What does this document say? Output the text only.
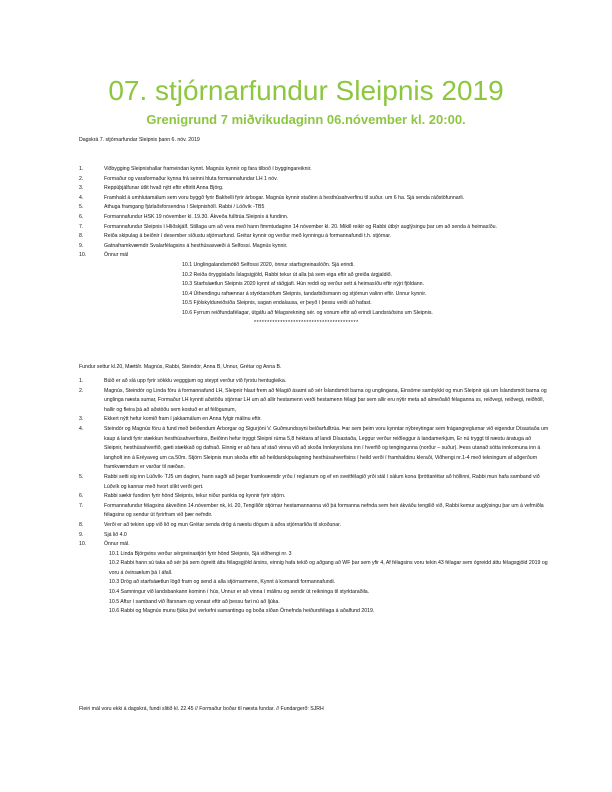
07. stjórnarfundur Sleipnis 2019
Grenigrund 7 miðvikudaginn 06.nóvember kl. 20:00.
Dagskrá 7. stjórnarfundar Sleipnis þann 6. nóv. 2019
1.	Viðbygging Sleipnishallar framvindan kynnt. Magnús kynnir og fara tilboð í byggingareiknir.
2.	Formaður og varaformaður kynna frá seinni hluta formannafundar LH 1 nóv.
3.	Reppúþjálfunar útlit hvað nýtt eftir eftirlit Anna Björg.
4.	Framhald á umhlutamálum sem voru byggð fyrir Bakhelli fyrir árbogar. Magnús kynnir staðinn á hesthúsahverfinu til suður. um 6 ha. Sjá senda ráðstöfunnarli.
5.	Athuga framgang fjárlaðsforsendna í Sleipnishöll. Rabbi / Löðvík -TB5
6.	Formannafundur HSK 19 nóvember kl. 19.30. Ákveða fulltrúa Sleipnis á fundinn.
7.	Formannafundur Sleipnis í Hliðskjálf. Stillaga um að vera með hann fimmtudaginn 14 nóvember kl. 20. Mikill reikir og Rabbi útbýr auglýsingu þar um að senda á heimasíðu.
8.	Reiða skipulag á beiðnir í desember síðustu stjórnarfund. Grétar kynnir og verður með kynningu á formannafundi t.h. stjórnar.
9.	Gatnaframkvæmdir Svalarfélagsins á hesthúsasvæði á Selfossi. Magnús kynnir.
10.	Önnur mál
10.1 Unglingalandsmótið Selfossi 2020, önnur starfsgreinaslóðn. Sjá erindi.
10.2 Reiða öryggislaðs Íslagsigjöld, Rabbi tekur út alla þá sem eiga eftir að greiða árgjaldið.
10.3 Starfsáætlun Sleipnis 2020 kynnt af ráðgjafi. Hún reddi og verður sett á heimasíðu eftir nýjri fjöldann.
10.4 Úthendingu rafrænnar á styrktarsöfum Sleipnis, tandarbiðsmann og stjórnun valinn eftir. Unnur kynnir.
10.5 Fjölskyldureiðsíða Sleipnis, sagan endalausa, er þeyð í þessu veiði að hafast.
10.6 Fyrrum reiðfundafélagar, útgáfu að félagsrekning sér. og vonum eftir að erindi Landsráðsins um Sleipnis.
****************************************
Fundur settur kl.20, Mætt/ir. Magnús, Rabbi, Steindór, Anna B, Unnur, Grétar og Anna B.
1.	Búið er að slá upp fyrir sökklu vegggjum og steypt verður við fyrstu hentugleika.
2.	Magnús, Steindór og Linda fóru á formannafund LH, Sleipnir hlaut frem að félagið ásamt að sér Íslandsmót barna og unglingana, Einsöme sambykkt og mun Sleipnir sjá um Íslandsmót barna og unglinga næsta sumar, Formaður LH kynnti aðstöðu stjórnar LH um að allir hestamenn verði hestamenn félagi þar sem allir eru nýtir meta að almeðalið félaganna ss, reiðvegi, reiðvegi, reiðhöll, hallir og fleira þá að aðstöðu sem kostuð er af félögunum,
3.	Ekkert nýtt hefur komið fram í jakkamálum en Anna fylgir málinu eftir.
4.	Steindór og Magnús fóru á fund með beiðendum Árborgar og Sigurjóni V. Guðmundssyni beiðarfulltrúa. Þar sem þeim voru kynntar nýbreytingar sem frágangreglurnar við eigendur Dísastaða um kaup á landi fyrir stækkun hesthúsahverfisins, Beiðinn hefur tryggt Sleipni rúma 5,8 hektara af landi Dísastaða, Leggur verður reiðleggur á landamerkjum, Er nú tryggt til næstu áratuga að Sleipnir, hesthúsahverfið, gæti stækkað og dafnað. Einnig er að fara af stað vinna við að skoða Innkeyrsluna inn í hverfið og tengingunna (norður – suður). Þess utanað sótta innkomuna inn á langholt inn á Eréyaveg um ca.50m. Stjórn Sleipnis mun skoða eftir að heildarskipulagning hesthúsahverfisins í heild verði í framhaldinu kleraði, Viðhengi nr.1-4 með tekningum af aðgerðum framkvæmdum er varðar til næðan.
5.	Rabbi setti sig inn Lúðvík- TJ5 um daginn, hann sagði að þegar framkvæmdir yrðu í reglanum og ef en sveitfélagið yrði stál í sálum kona íþróttaréttar að höllinni, Rabbi mun hafa samband við Lúðvík og kannar með hvort slíkt verði gert.
6.	Rabbi sækir fundinn fyrir hönd Sleipnis, tekur niður punkta og kynnir fyrir stjórn.
7.	Formannafundur félagsins ákveðinn 14.nóvember nk, kl. 20, Tengiliðir stjórnar hestamannanna við þá formanna nefnda sem heir ákváðu tengilið við, Rabbi kemur auglýsingu þar um á vefmiðla félagsins og sendur út fyrirfram við þær nefndir.
8.	Verði er að tekinn upp við lið og mun Grétar senda drög á næstu dögum á aðra stjórnarliða til skoðunar.
9.	Sjá lið 4.0
10.	Önnur mál.
10.1 Linda Björgvins verður sérgreinastjóri fyrir hönd Sleipnis, Sjá viðhengi nr. 3
10.2 Rabbi hann sú taka að sér þá sem ógreitt áttu félagsgjöld ársins, einnig hafa tekið og aðgang að WF þar sem yfir 4, Af félagsins voru tekin 43 félagar sem ógreidd áttu félagsgjöld 2019 og voru á óvinsælum þá í áfall.
10.3 Drög að starfsáætlun lögð fram og send á alla stjórnarmenn, Kynnt á komandi formannafundi.
10.4 Samningur við landsbankann kominn í hús, Unnur er að vinna í málinu og sendir út reikninga til styrktaraðila.
10.5 Aftur í samband við Ífarsnam og vonast eftir að þessu fari nú að ljúka.
10.6 Rabbi og Magnús munu fjúka því verkefni samantingu og boða síðan Örnefnda heiðursfélaga á aðalfund 2019.
Fleiri mál voru ekki á dagskrá, fundi slitið kl. 22.45 // Formaður boðar til næsta fundar. // Fundargerð: SJRH
